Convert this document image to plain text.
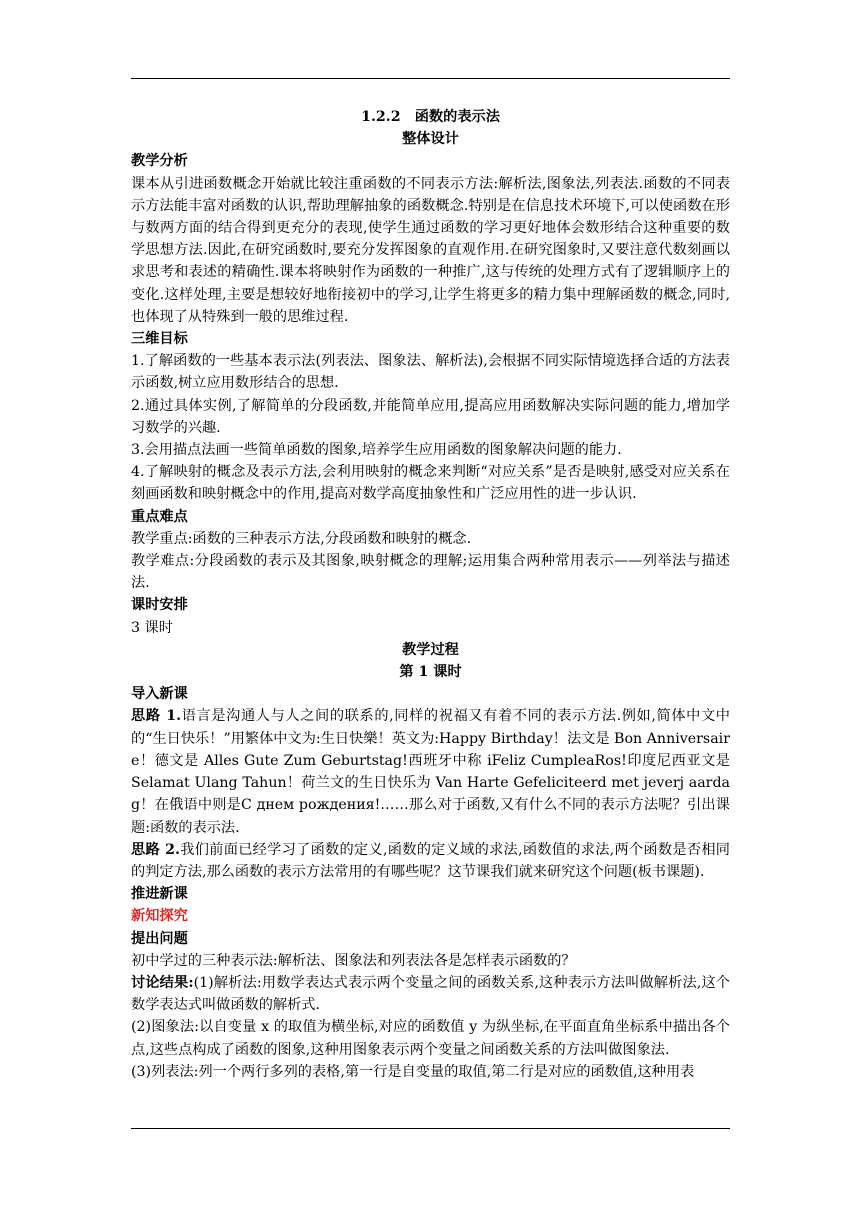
1.2.2　函数的表示法
整体设计
教学分析

课本从引进函数概念开始就比较注重函数的不同表示方法:解析法,图象法,列表法.函数的不同表示方法能丰富对函数的认识,帮助理解抽象的函数概念.特别是在信息技术环境下,可以使函数在形与数两方面的结合得到更充分的表现,使学生通过函数的学习更好地体会数形结合这种重要的数学思想方法.因此,在研究函数时,要充分发挥图象的直观作用.在研究图象时,又要注意代数刻画以求思考和表述的精确性.课本将映射作为函数的一种推广,这与传统的处理方式有了逻辑顺序上的变化.这样处理,主要是想较好地衔接初中的学习,让学生将更多的精力集中理解函数的概念,同时,也体现了从特殊到一般的思维过程.

三维目标

1.了解函数的一些基本表示法(列表法、图象法、解析法),会根据不同实际情境选择合适的方法表示函数,树立应用数形结合的思想.

2.通过具体实例,了解简单的分段函数,并能简单应用,提高应用函数解决实际问题的能力,增加学习数学的兴趣.

3.会用描点法画一些简单函数的图象,培养学生应用函数的图象解决问题的能力.

4.了解映射的概念及表示方法,会利用映射的概念来判断“对应关系”是否是映射,感受对应关系在刻画函数和映射概念中的作用,提高对数学高度抽象性和广泛应用性的进一步认识.

重点难点

教学重点:函数的三种表示方法,分段函数和映射的概念.

教学难点:分段函数的表示及其图象,映射概念的理解;运用集合两种常用表示——列举法与描述法.

课时安排

3 课时

教学过程
第 1 课时
导入新课

思路 1.语言是沟通人与人之间的联系的,同样的祝福又有着不同的表示方法.例如,简体中文中的“生日快乐！”用繁体中文为:生日快樂！英文为:Happy Birthday！法文是 Bon Anniversaire！德文是 Alles Gute Zum Geburtstag!西班牙中称 iFeliz CumpleaRos!印度尼西亚文是 Selamat Ulang Tahun！荷兰文的生日快乐为 Van Harte Gefeliciteerd met jeverj aardag！在俄语中则是С днем рождения!……那么对于函数,又有什么不同的表示方法呢？引出课题:函数的表示法.

思路 2.我们前面已经学习了函数的定义,函数的定义域的求法,函数值的求法,两个函数是否相同的判定方法,那么函数的表示方法常用的有哪些呢？这节课我们就来研究这个问题(板书课题).

推进新课
新知探究
提出问题

初中学过的三种表示法:解析法、图象法和列表法各是怎样表示函数的？

讨论结果:(1)解析法:用数学表达式表示两个变量之间的函数关系,这种表示方法叫做解析法,这个数学表达式叫做函数的解析式.

(2)图象法:以自变量 x 的取值为横坐标,对应的函数值 y 为纵坐标,在平面直角坐标系中描出各个点,这些点构成了函数的图象,这种用图象表示两个变量之间函数关系的方法叫做图象法.

(3)列表法:列一个两行多列的表格,第一行是自变量的取值,第二行是对应的函数值,这种用表
